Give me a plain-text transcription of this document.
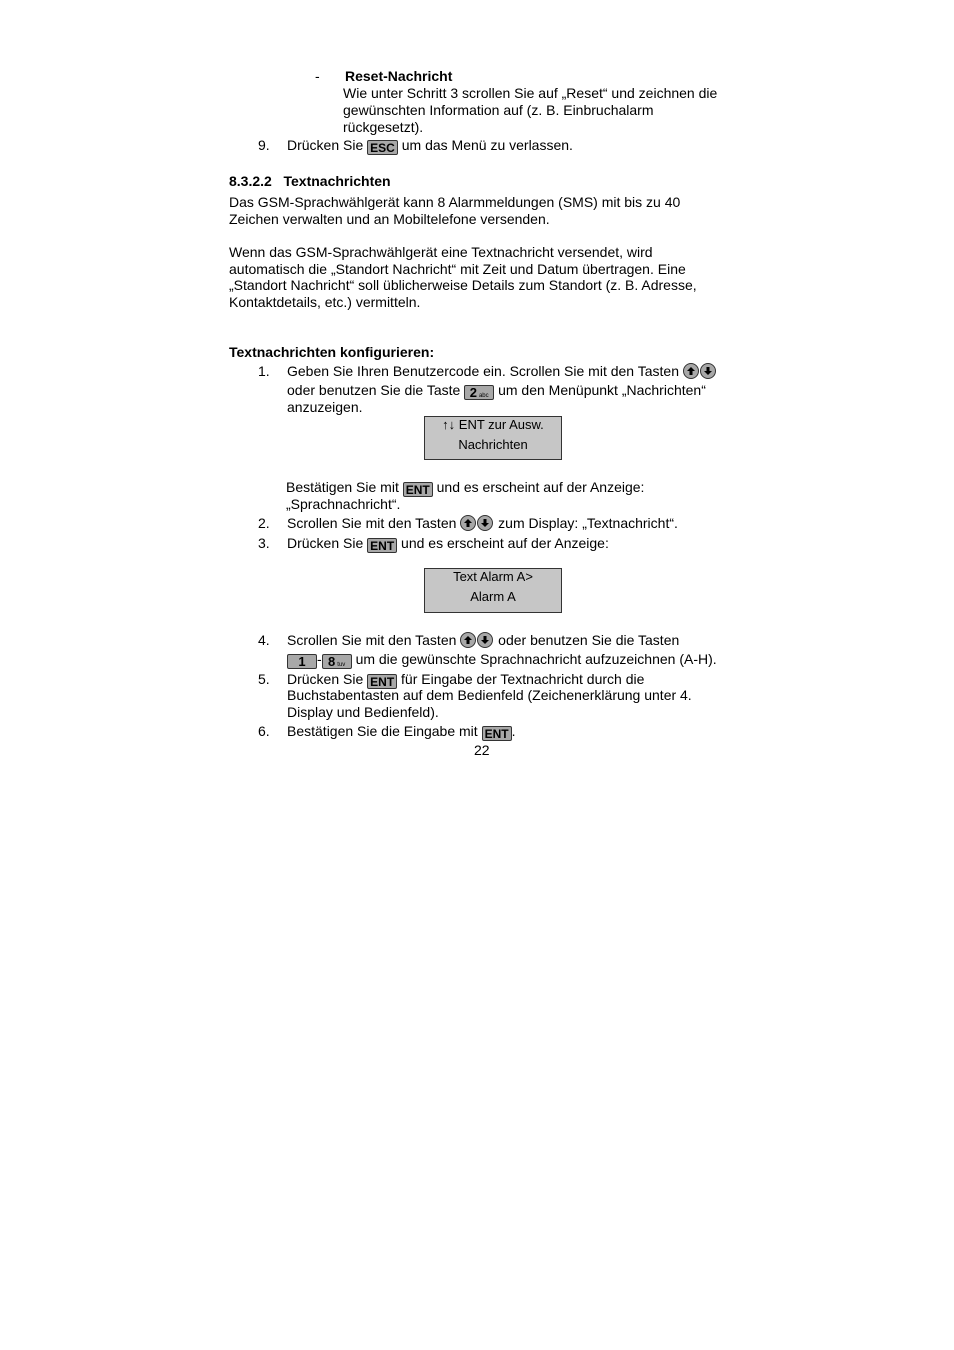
- Reset-Nachricht
Wie unter Schritt 3 scrollen Sie auf „Reset“ und zeichnen die
gewünschten Information auf (z. B. Einbruchalarm
rückgesetzt).
9. Drücken Sie ESC um das Menü zu verlassen.
8.3.2.2 Textnachrichten
Das GSM-Sprachwählgerät kann 8 Alarmmeldungen (SMS) mit bis zu 40
Zeichen verwalten und an Mobiltelefone versenden.
Wenn das GSM-Sprachwählgerät eine Textnachricht versendet, wird
automatisch die „Standort Nachricht“ mit Zeit und Datum übertragen. Eine
„Standort Nachricht“ soll üblicherweise Details zum Standort (z. B. Adresse,
Kontaktdetails, etc.) vermitteln.
Textnachrichten konfigurieren:
1. Geben Sie Ihren Benutzercode ein. Scrollen Sie mit den Tasten
oder benutzen Sie die Taste 2 abc um den Menüpunkt „Nachrichten“
anzuzeigen.
↑↓ ENT zur Ausw.
Nachrichten
Bestätigen Sie mit ENT und es erscheint auf der Anzeige:
„Sprachnachricht“.
2. Scrollen Sie mit den Tasten	zum Display: „Textnachricht“.
3. Drücken Sie ENT und es erscheint auf der Anzeige:
Text Alarm A>
Alarm A
4. Scrollen Sie mit den Tasten	oder benutzen Sie die Tasten
1 - 8 tuv um die gewünschte Sprachnachricht aufzuzeichnen (A-H).
5. Drücken Sie ENT für Eingabe der Textnachricht durch die
Buchstabentasten auf dem Bedienfeld (Zeichenerklärung unter 4.
Display und Bedienfeld).
6. Bestätigen Sie die Eingabe mit ENT .
22
